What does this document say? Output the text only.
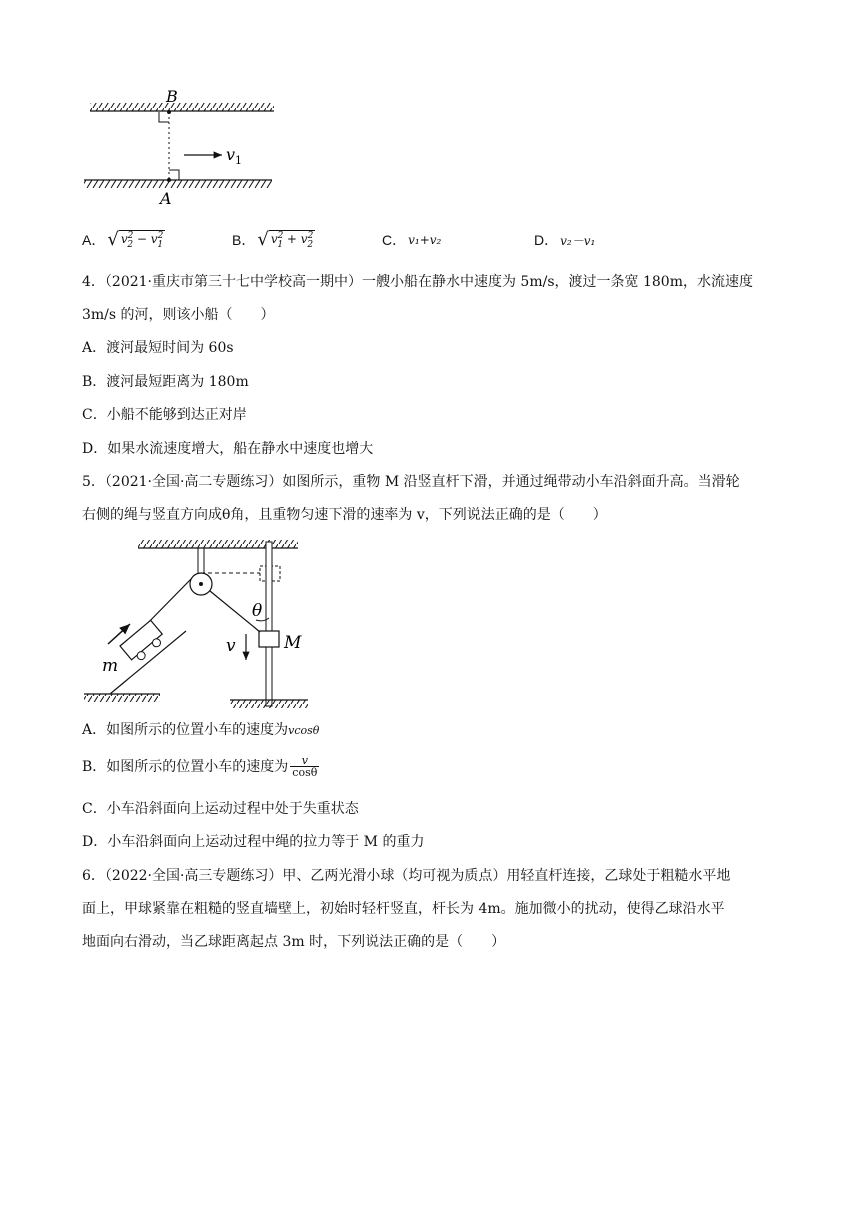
B
A
$v_1$
A． √ $v^2_2 - v^2_1$	B． √ $v^2_1 + v^2_2$	C． v₁+v₂	D． v₂－v₁
4．（2021·重庆市第三十七中学校高一期中）一艘小船在静水中速度为 5m/s，渡过一条宽 180m，水流速度
3m/s 的河，则该小船（　　）
A．渡河最短时间为 60s
B．渡河最短距离为 180m
C．小船不能够到达正对岸
D．如果水流速度增大，船在静水中速度也增大
5．（2021·全国·高二专题练习）如图所示，重物 M 沿竖直杆下滑，并通过绳带动小车沿斜面升高。当滑轮
右侧的绳与竖直方向成θ角，且重物匀速下滑的速率为 v，下列说法正确的是（　　）
θ
M
v
m
A．如图所示的位置小车的速度为vcosθ
B．如图所示的位置小车的速度为 $\frac{v}{\cos\theta}$
C．小车沿斜面向上运动过程中处于失重状态
D．小车沿斜面向上运动过程中绳的拉力等于 M 的重力
6．（2022·全国·高三专题练习）甲、乙两光滑小球（均可视为质点）用轻直杆连接，乙球处于粗糙水平地
面上，甲球紧靠在粗糙的竖直墙壁上，初始时轻杆竖直，杆长为 4m。施加微小的扰动，使得乙球沿水平
地面向右滑动，当乙球距离起点 3m 时，下列说法正确的是（　　）
